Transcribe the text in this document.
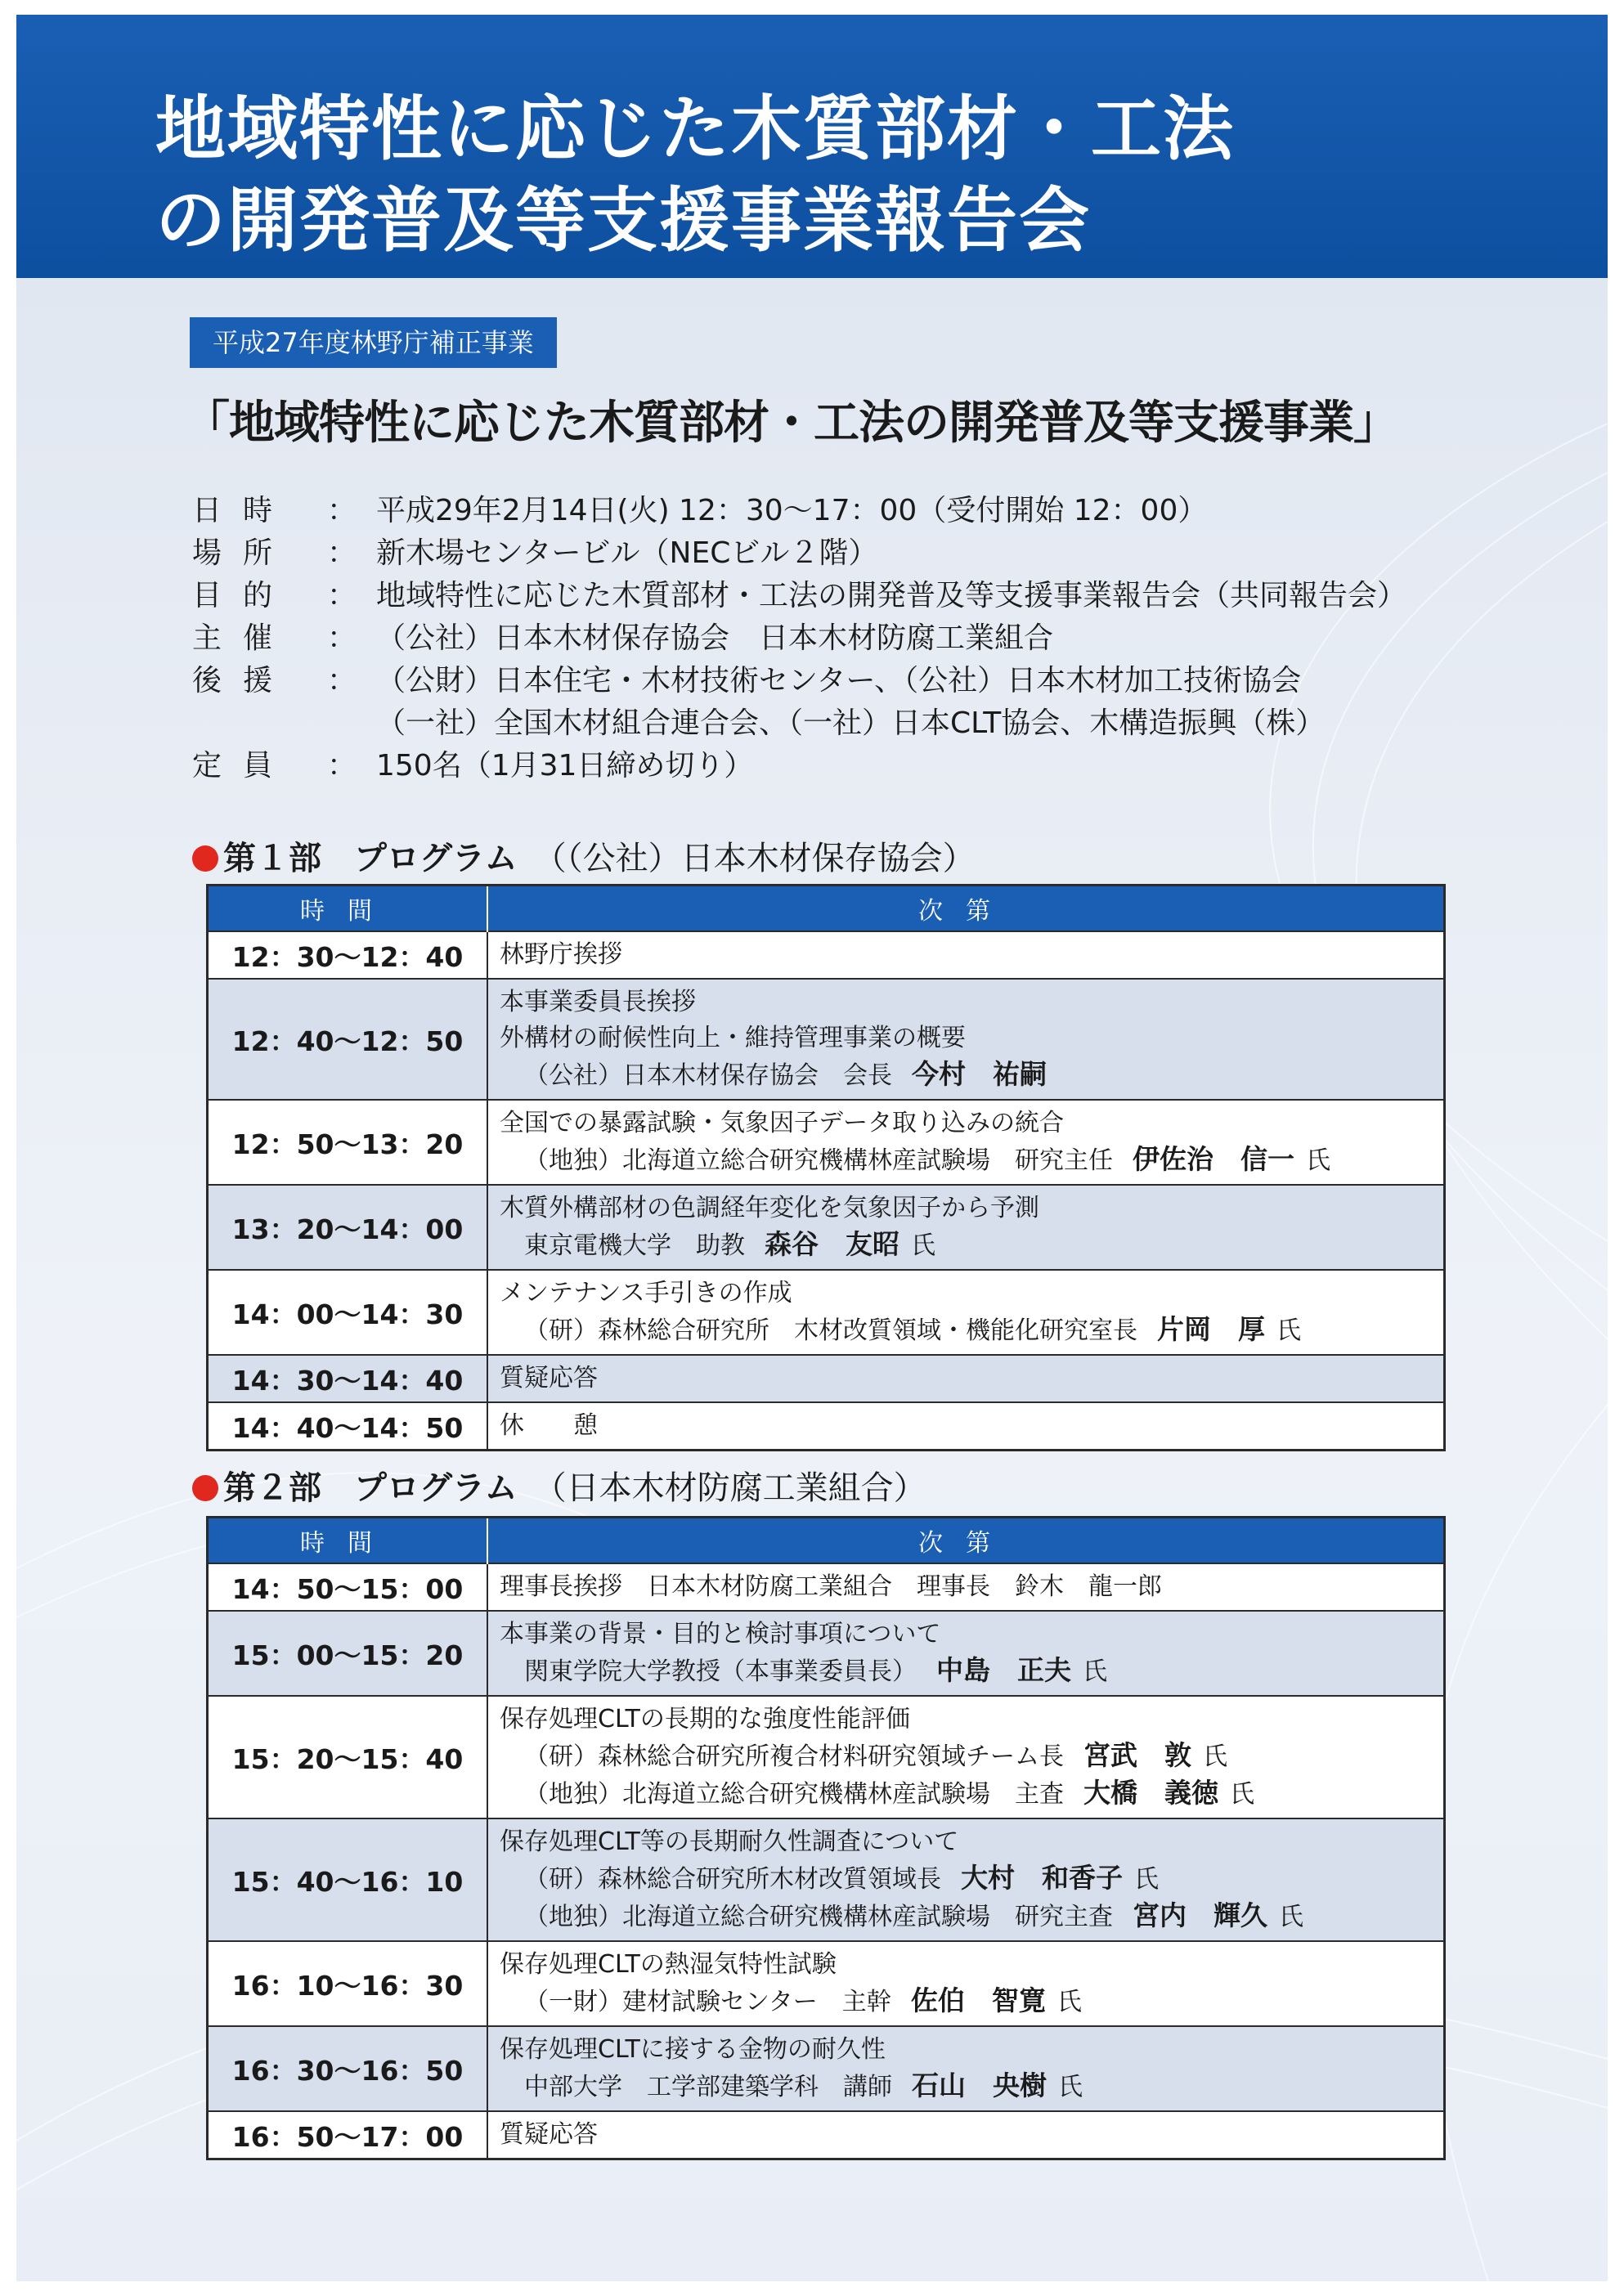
地域特性に応じた木質部材・工法
の開発普及等支援事業報告会
平成27年度林野庁補正事業
「地域特性に応じた木質部材・工法の開発普及等支援事業」
日時	： 平成29年2月14日(火) 12：30～17：00（受付開始 12：00）
場所	： 新木場センタービル（NECビル２階）
目的	： 地域特性に応じた木質部材・工法の開発普及等支援事業報告会（共同報告会）
主催	： （公社）日本木材保存協会　日本木材防腐工業組合
後援	： （公財）日本住宅・木材技術センター、（公社）日本木材加工技術協会
（一社）全国木材組合連合会、（一社）日本CLT協会、木構造振興（株）
定員	： 150名（1月31日締め切り）
第１部　プログラム　 （（公社）日本木材保存協会）
時間	次第
12：30～12：40	林野庁挨拶

12：40～12：50	本事業委員長挨拶
外構材の耐候性向上・維持管理事業の概要
（公社）日本木材保存協会　会長 今村　祐嗣

12：50～13：20	全国での暴露試験・気象因子データ取り込みの統合
（地独）北海道立総合研究機構林産試験場　研究主任 伊佐治　信一 氏

13：20～14：00	木質外構部材の色調経年変化を気象因子から予測
東京電機大学　助教 森谷　友昭 氏

14：00～14：30	メンテナンス手引きの作成
（研）森林総合研究所　木材改質領域・機能化研究室長 片岡　厚 氏

14：30～14：40	質疑応答

14：40～14：50	休　　憩
第２部　プログラム　 （日本木材防腐工業組合）
時間	次第
14：50～15：00	理事長挨拶　日本木材防腐工業組合　理事長　鈴木　龍一郎

15：00～15：20	本事業の背景・目的と検討事項について
関東学院大学教授（本事業委員長） 中島　正夫 氏

15：20～15：40	保存処理CLTの長期的な強度性能評価
（研）森林総合研究所複合材料研究領域チーム長 宮武　敦 氏
（地独）北海道立総合研究機構林産試験場　主査 大橋　義徳 氏

15：40～16：10	保存処理CLT等の長期耐久性調査について
（研）森林総合研究所木材改質領域長 大村　和香子 氏
（地独）北海道立総合研究機構林産試験場　研究主査 宮内　輝久 氏

16：10～16：30	保存処理CLTの熱湿気特性試験
（一財）建材試験センター　主幹 佐伯　智寛 氏

16：30～16：50	保存処理CLTに接する金物の耐久性
中部大学　工学部建築学科　講師 石山　央樹 氏

16：50～17：00	質疑応答
